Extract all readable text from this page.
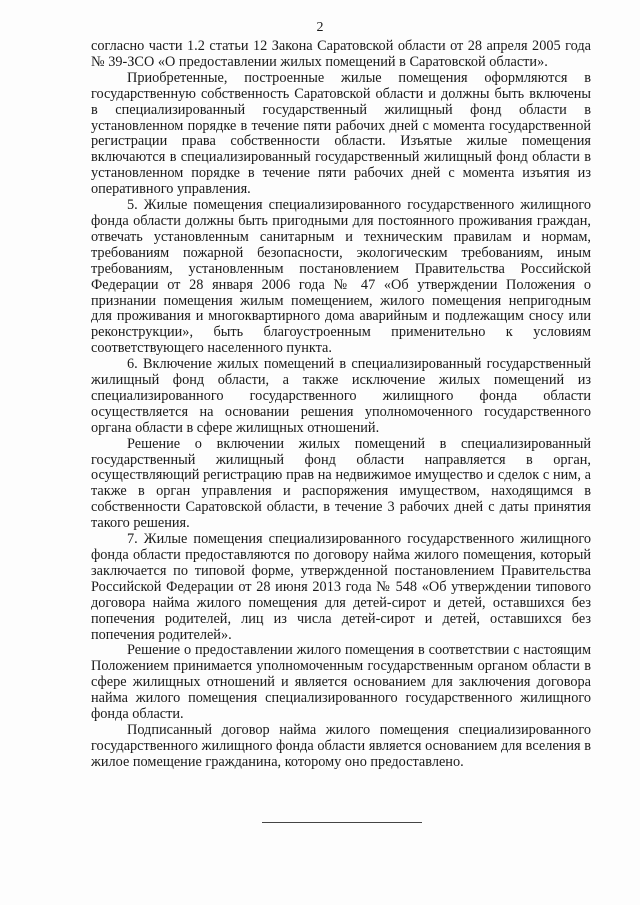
2

согласно части 1.2 статьи 12 Закона Саратовской области от 28 апреля 2005 года № 39-ЗСО «О предоставлении жилых помещений в Саратовской области».

Приобретенные, построенные жилые помещения оформляются в государственную собственность Саратовской области и должны быть включены в специализированный государственный жилищный фонд области в установленном порядке в течение пяти рабочих дней с момента государственной регистрации права собственности области. Изъятые жилые помещения включаются в специализированный государственный жилищный фонд области в установленном порядке в течение пяти рабочих дней с момента изъятия из оперативного управления.

5. Жилые помещения специализированного государственного жилищного фонда области должны быть пригодными для постоянного проживания граждан, отвечать установленным санитарным и техническим правилам и нормам, требованиям пожарной безопасности, экологическим требованиям, иным требованиям, установленным постановлением Правительства Российской Федерации от 28 января 2006 года № 47 «Об утверждении Положения о признании помещения жилым помещением, жилого помещения непригодным для проживания и многоквартирного дома аварийным и подлежащим сносу или реконструкции», быть благоустроенным применительно к условиям соответствующего населенного пункта.

6. Включение жилых помещений в специализированный государственный жилищный фонд области, а также исключение жилых помещений из специализированного государственного жилищного фонда области осуществляется на основании решения уполномоченного государственного органа области в сфере жилищных отношений.

Решение о включении жилых помещений в специализированный государственный жилищный фонд области направляется в орган, осуществляющий регистрацию прав на недвижимое имущество и сделок с ним, а также в орган управления и распоряжения имуществом, находящимся в собственности Саратовской области, в течение 3 рабочих дней с даты принятия такого решения.

7. Жилые помещения специализированного государственного жилищного фонда области предоставляются по договору найма жилого помещения, который заключается по типовой форме, утвержденной постановлением Правительства Российской Федерации от 28 июня 2013 года № 548 «Об утверждении типового договора найма жилого помещения для детей-сирот и детей, оставшихся без попечения родителей, лиц из числа детей-сирот и детей, оставшихся без попечения родителей».

Решение о предоставлении жилого помещения в соответствии с настоящим Положением принимается уполномоченным государственным органом области в сфере жилищных отношений и является основанием для заключения договора найма жилого помещения специализированного государственного жилищного фонда области.

Подписанный договор найма жилого помещения специализированного государственного жилищного фонда области является основанием для вселения в жилое помещение гражданина, которому оно предоставлено.
